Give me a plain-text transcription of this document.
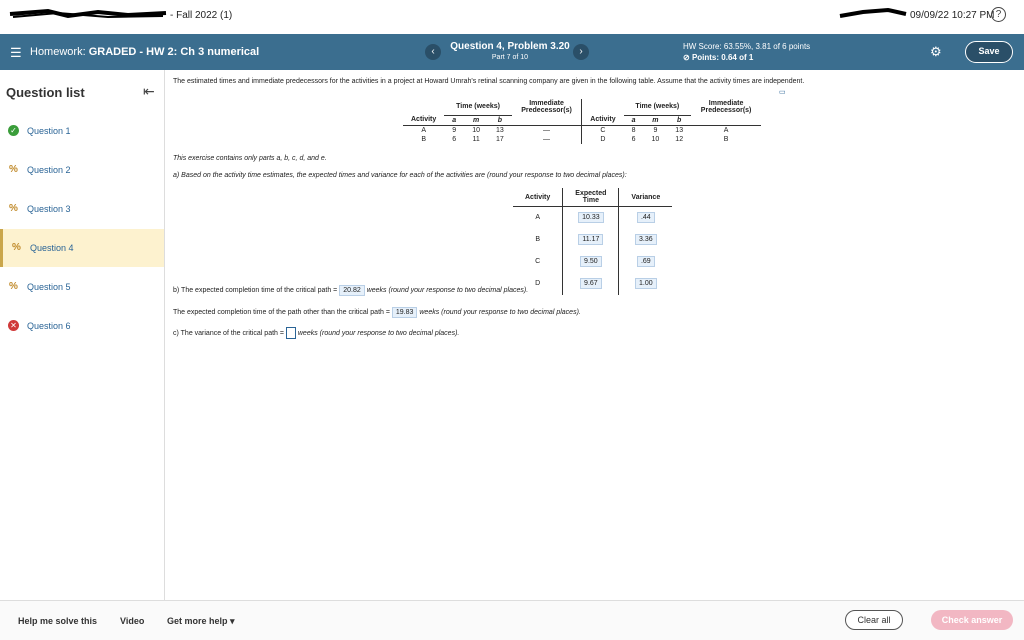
- Fall 2022 (1)	09/09/22 10:27 PM ?
☰ Homework: GRADED - HW 2: Ch 3 numerical	‹	Question 4, Problem 3.20
Part 7 of 10
›	HW Score: 63.55%, 3.81 of 6 points
⊘ Points: 0.64 of 1	⚙	Save
Question list	⇤
✓ Question 1
% Question 2
% Question 3
% Question 4
% Question 5
✕ Question 6
The estimated times and immediate predecessors for the activities in a project at Howard Umrah's retinal scanning company are given in the following table. Assume that the activity times are independent.
▭
	Time (weeks)			Immediate Predecessor(s)		Time (weeks)			Immediate Predecessor(s)
Activity	a	m	b		Activity	a	m	b	
A	9	10	13	—	C	8	9	13	A
B	6	11	17	—	D	6	10	12	B
This exercise contains only parts a, b, c, d, and e.
a) Based on the activity time estimates, the expected times and variance for each of the activities are (round your response to two decimal places):
Activity	Expected Time	Variance
A	10.33	.44
B	11.17	3.36
C	9.50	.69
D	9.67	1.00
b) The expected completion time of the critical path = 20.82 weeks (round your response to two decimal places).
The expected completion time of the path other than the critical path = 19.83 weeks (round your response to two decimal places).
c) The variance of the critical path = weeks (round your response to two decimal places).
Help me solve this	Video	Get more help ▾	Clear all	Check answer
